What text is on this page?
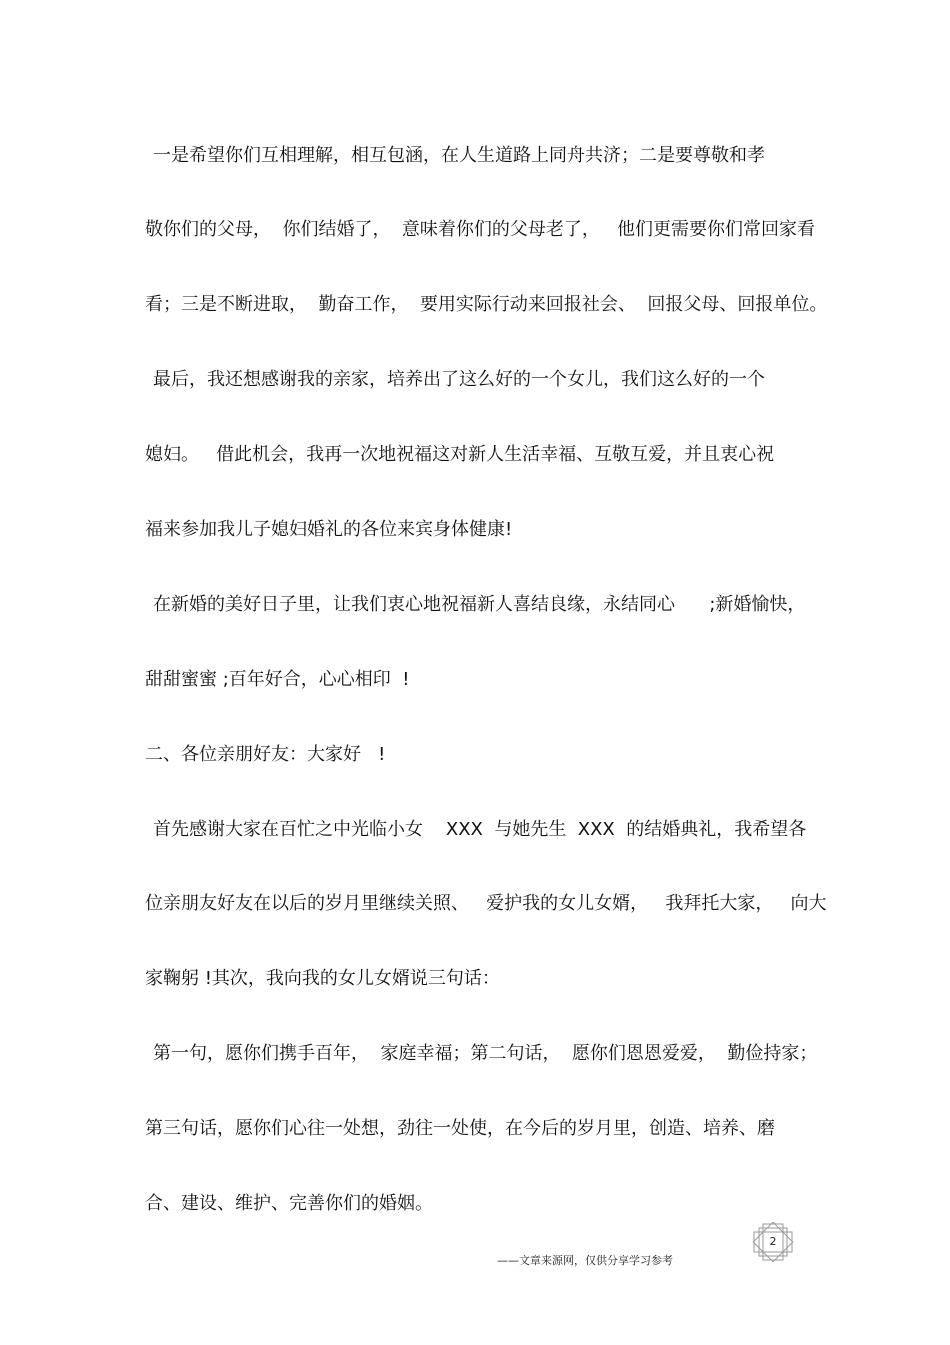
一是希望你们互相理解，相互包涵，在人生道路上同舟共济；二是要尊敬和孝
敬你们的父母，  你们结婚了，  意味着你们的父母老了，   他们更需要你们常回家看
看；三是不断进取，  勤奋工作，  要用实际行动来回报社会、  回报父母、回报单位。
最后，我还想感谢我的亲家，培养出了这么好的一个女儿，我们这么好的一个
媳妇。   借此机会，我再一次地祝福这对新人生活幸福、互敬互爱，并且衷心祝
福来参加我儿子媳妇婚礼的各位来宾身体健康!
在新婚的美好日子里，让我们衷心地祝福新人喜结良缘，永结同心      ;新婚愉快，
甜甜蜜蜜 ;百年好合，心心相印  !
二、各位亲朋好友：大家好   !
首先感谢大家在百忙之中光临小女    XXX  与她先生  XXX  的结婚典礼，我希望各
位亲朋友好友在以后的岁月里继续关照、   爱护我的女儿女婿，   我拜托大家，   向大
家鞠躬 !其次，我向我的女儿女婿说三句话：
第一句，愿你们携手百年，  家庭幸福；第二句话，  愿你们恩恩爱爱，  勤俭持家；
第三句话，愿你们心往一处想，劲往一处使，在今后的岁月里，创造、培养、磨
合、建设、维护、完善你们的婚姻。
——文章来源网，仅供分享学习参考
2
